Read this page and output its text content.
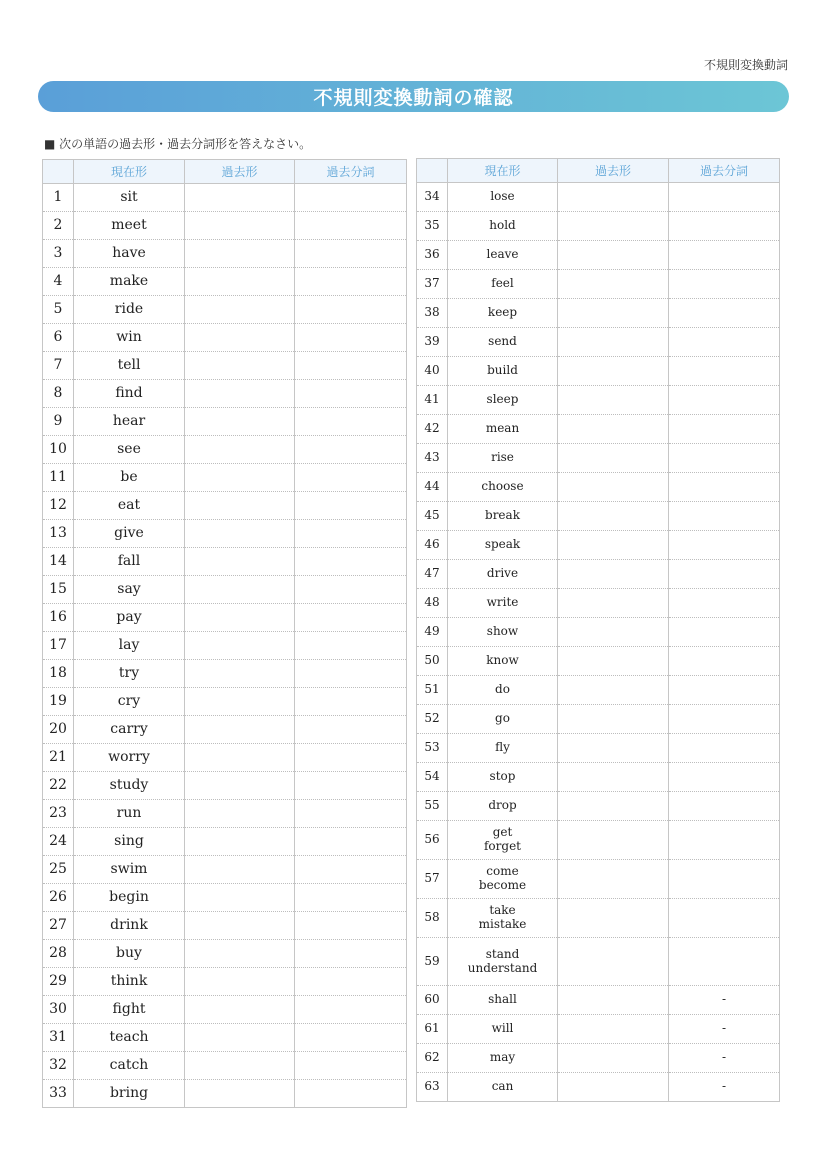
不規則変換動詞
不規則変換動詞の確認
■ 次の単語の過去形・過去分詞形を答えなさい。
	現在形	過去形	過去分詞
1	sit		
2	meet		
3	have		
4	make		
5	ride		
6	win		
7	tell		
8	find		
9	hear		
10	see		
11	be		
12	eat		
13	give		
14	fall		
15	say		
16	pay		
17	lay		
18	try		
19	cry		
20	carry		
21	worry		
22	study		
23	run		
24	sing		
25	swim		
26	begin		
27	drink		
28	buy		
29	think		
30	fight		
31	teach		
32	catch		
33	bring		
	現在形	過去形	過去分詞
34	lose		

35	hold		

36	leave		

37	feel		

38	keep		

39	send		

40	build		

41	sleep		

42	mean		

43	rise		

44	choose		

45	break		

46	speak		

47	drive		

48	write		

49	show		

50	know		

51	do		

52	go		

53	fly		

54	stop		

55	drop		

56	get
forget		

57	come
become		

58	take
mistake		

59	stand
understand		

60	shall		-
61	will		-
62	may		-
63	can		-
